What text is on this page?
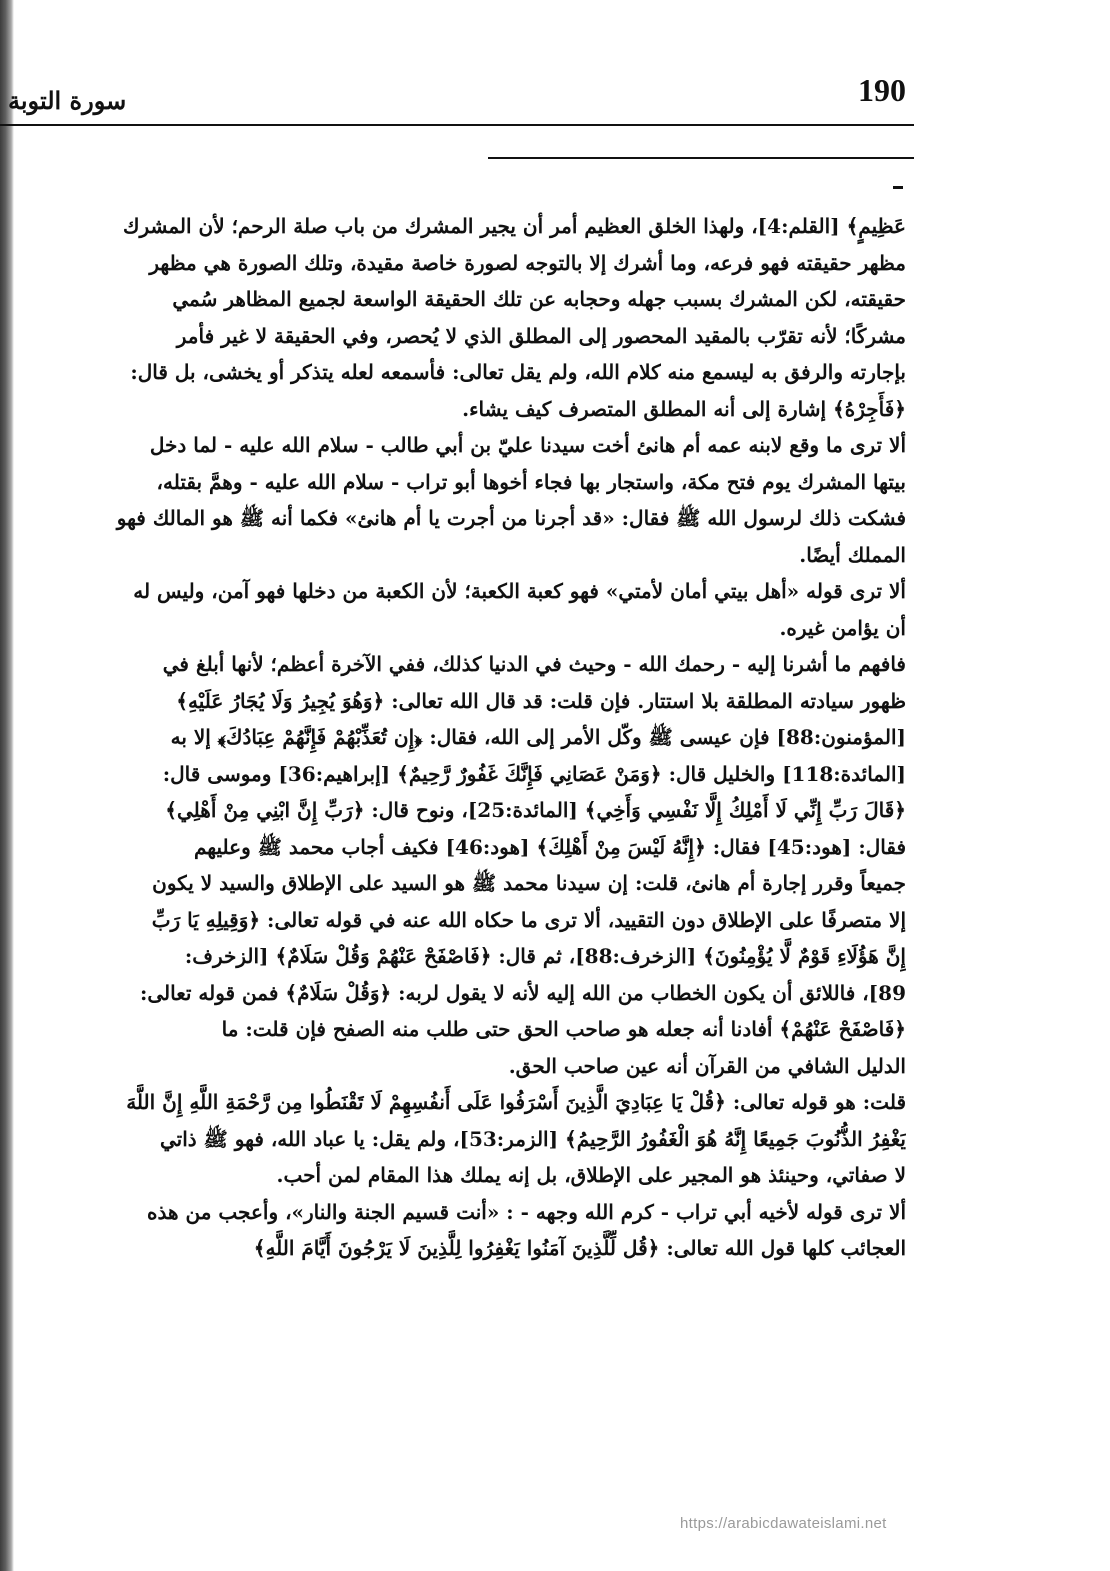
190
سورة التوبة
عَظِيمٍ﴾ [القلم:4]، ولهذا الخلق العظيم أمر أن يجير المشرك من باب صلة الرحم؛ لأن المشرك
مظهر حقيقته فهو فرعه، وما أشرك إلا بالتوجه لصورة خاصة مقيدة، وتلك الصورة هي مظهر
حقيقته، لكن المشرك بسبب جهله وحجابه عن تلك الحقيقة الواسعة لجميع المظاهر سُمي
مشركًا؛ لأنه تقرّب بالمقيد المحصور إلى المطلق الذي لا يُحصر، وفي الحقيقة لا غير فأمر
بإجارته والرفق به ليسمع منه كلام الله، ولم يقل تعالى: فأسمعه لعله يتذكر أو يخشى، بل قال:
﴿فَأَجِرْهُ﴾ إشارة إلى أنه المطلق المتصرف كيف يشاء.
ألا ترى ما وقع لابنه عمه أم هانئ أخت سيدنا عليّ بن أبي طالب - سلام الله عليه - لما دخل
بيتها المشرك يوم فتح مكة، واستجار بها فجاء أخوها أبو تراب - سلام الله عليه - وهمَّ بقتله،
فشكت ذلك لرسول الله ﷺ فقال: «قد أجرنا من أجرت يا أم هانئ» فكما أنه ﷺ هو المالك فهو
المملك أيضًا.
ألا ترى قوله «أهل بيتي أمان لأمتي» فهو كعبة الكعبة؛ لأن الكعبة من دخلها فهو آمن، وليس له
أن يؤامن غيره.
فافهم ما أشرنا إليه - رحمك الله - وحيث في الدنيا كذلك، ففي الآخرة أعظم؛ لأنها أبلغ في
ظهور سيادته المطلقة بلا استتار. فإن قلت: قد قال الله تعالى: ﴿وَهُوَ يُجِيرُ وَلَا يُجَارُ عَلَيْهِ﴾
[المؤمنون:88] فإن عيسى ﷺ وكّل الأمر إلى الله، فقال: ﴿إِن تُعَذِّبْهُمْ فَإِنَّهُمْ عِبَادُكَ﴾ إلا به
[المائدة:118] والخليل قال: ﴿وَمَنْ عَصَانِي فَإِنَّكَ غَفُورٌ رَّحِيمٌ﴾ [إبراهيم:36] وموسى قال:
﴿قَالَ رَبِّ إِنِّي لَا أَمْلِكُ إِلَّا نَفْسِي وَأَخِي﴾ [المائدة:25]، ونوح قال: ﴿رَبِّ إِنَّ ابْنِي مِنْ أَهْلِي﴾
فقال: [هود:45] فقال: ﴿إِنَّهُ لَيْسَ مِنْ أَهْلِكَ﴾ [هود:46] فكيف أجاب محمد ﷺ وعليهم
جميعاً وقرر إجارة أم هانئ، قلت: إن سيدنا محمد ﷺ هو السيد على الإطلاق والسيد لا يكون
إلا متصرفًا على الإطلاق دون التقييد، ألا ترى ما حكاه الله عنه في قوله تعالى: ﴿وَقِيلِهِ يَا رَبِّ
إِنَّ هَؤُلَاءِ قَوْمٌ لَّا يُؤْمِنُونَ﴾ [الزخرف:88]، ثم قال: ﴿فَاصْفَحْ عَنْهُمْ وَقُلْ سَلَامٌ﴾ [الزخرف:
89]، فاللائق أن يكون الخطاب من الله إليه لأنه لا يقول لربه: ﴿وَقُلْ سَلَامٌ﴾ فمن قوله تعالى:
﴿فَاصْفَحْ عَنْهُمْ﴾ أفادنا أنه جعله هو صاحب الحق حتى طلب منه الصفح فإن قلت: ما
الدليل الشافي من القرآن أنه عين صاحب الحق.
قلت: هو قوله تعالى: ﴿قُلْ يَا عِبَادِيَ الَّذِينَ أَسْرَفُوا عَلَى أَنفُسِهِمْ لَا تَقْنَطُوا مِن رَّحْمَةِ اللَّهِ إِنَّ اللَّهَ
يَغْفِرُ الذُّنُوبَ جَمِيعًا إِنَّهُ هُوَ الْغَفُورُ الرَّحِيمُ﴾ [الزمر:53]، ولم يقل: يا عباد الله، فهو ﷺ ذاتي
لا صفاتي، وحينئذ هو المجير على الإطلاق، بل إنه يملك هذا المقام لمن أحب.
ألا ترى قوله لأخيه أبي تراب - كرم الله وجهه - : «أنت قسيم الجنة والنار»، وأعجب من هذه
العجائب كلها قول الله تعالى: ﴿قُل لِّلَّذِينَ آمَنُوا يَغْفِرُوا لِلَّذِينَ لَا يَرْجُونَ أَيَّامَ اللَّهِ﴾
https://arabicdawateislami.net
